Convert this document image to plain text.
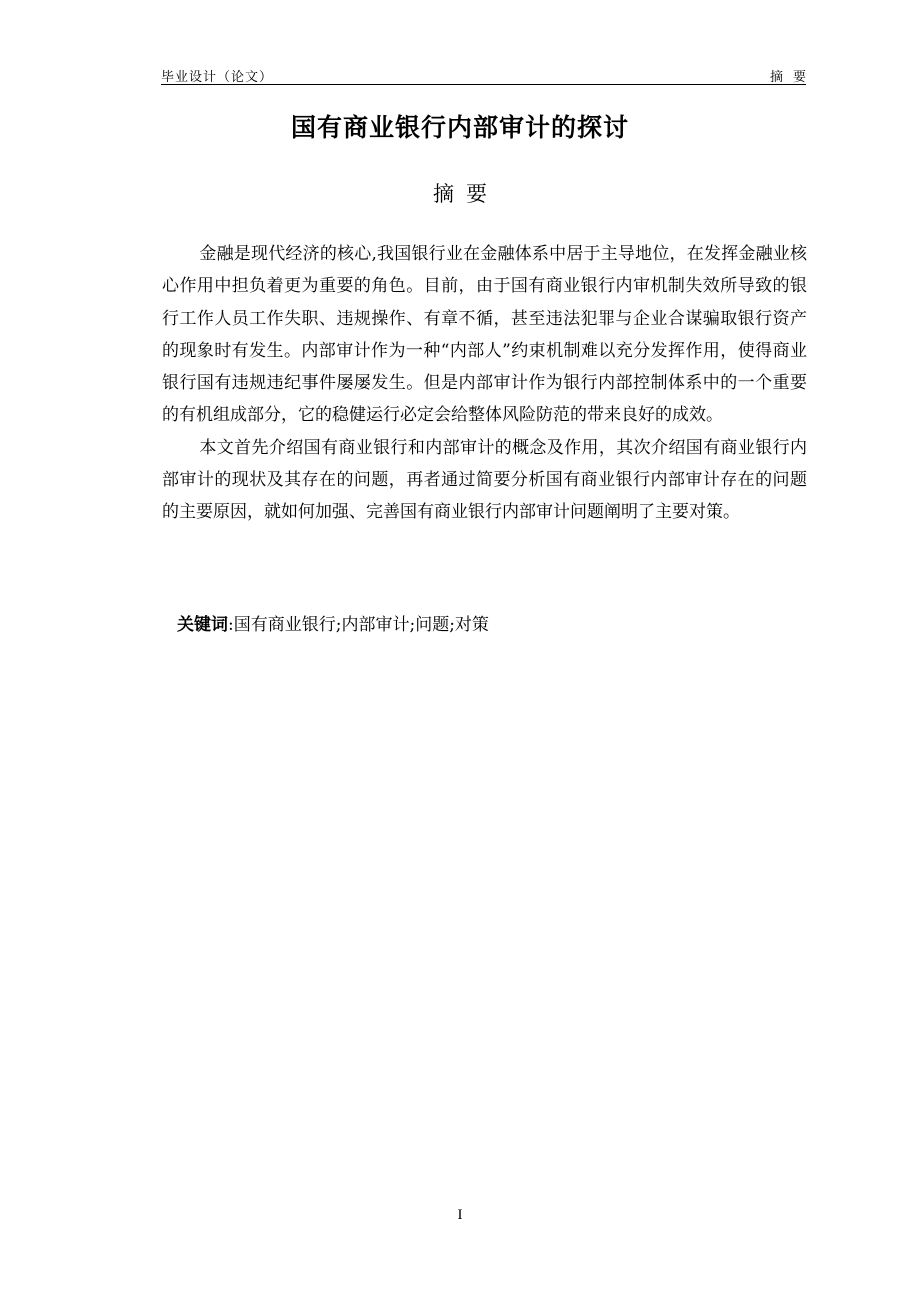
毕业设计（论文）	摘要
国有商业银行内部审计的探讨
摘要

金融是现代经济的核心,我国银行业在金融体系中居于主导地位，在发挥金融业核心作用中担负着更为重要的角色。目前，由于国有商业银行内审机制失效所导致的银行工作人员工作失职、违规操作、有章不循，甚至违法犯罪与企业合谋骗取银行资产的现象时有发生。内部审计作为一种“内部人”约束机制难以充分发挥作用，使得商业银行国有违规违纪事件屡屡发生。但是内部审计作为银行内部控制体系中的一个重要的有机组成部分，它的稳健运行必定会给整体风险防范的带来良好的成效。

本文首先介绍国有商业银行和内部审计的概念及作用，其次介绍国有商业银行内部审计的现状及其存在的问题，再者通过简要分析国有商业银行内部审计存在的问题的主要原因，就如何加强、完善国有商业银行内部审计问题阐明了主要对策。

关键词:国有商业银行;内部审计;问题;对策
I
